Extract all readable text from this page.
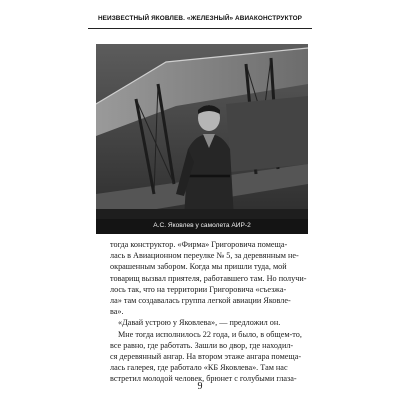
НЕИЗВЕСТНЫЙ ЯКОВЛЕВ. «ЖЕЛЕЗНЫЙ» АВИАКОНСТРУКТОР
А.С. Яковлев у самолета АИР-2
тогда конструктор. «Фирма» Григоровича помеща-
лась в Авиационном переулке № 5, за деревянным не-
окрашенным забором. Когда мы пришли туда, мой
товарищ вызвал приятеля, работавшего там. Но получи-
лось так, что на территории Григоровича «съезжа-
ла» там создавалась группа легкой авиации Яковле-
ва».
«Давай устрою у Яковлева», — предложил он.
Мне тогда исполнилось 22 года, и было, в общем-то,
все равно, где работать. Зашли во двор, где находил-
ся деревянный ангар. На втором этаже ангара помеща-
лась галерея, где работало «КБ Яковлева». Там нас
встретил молодой человек, брюнет с голубыми глаза-
9
